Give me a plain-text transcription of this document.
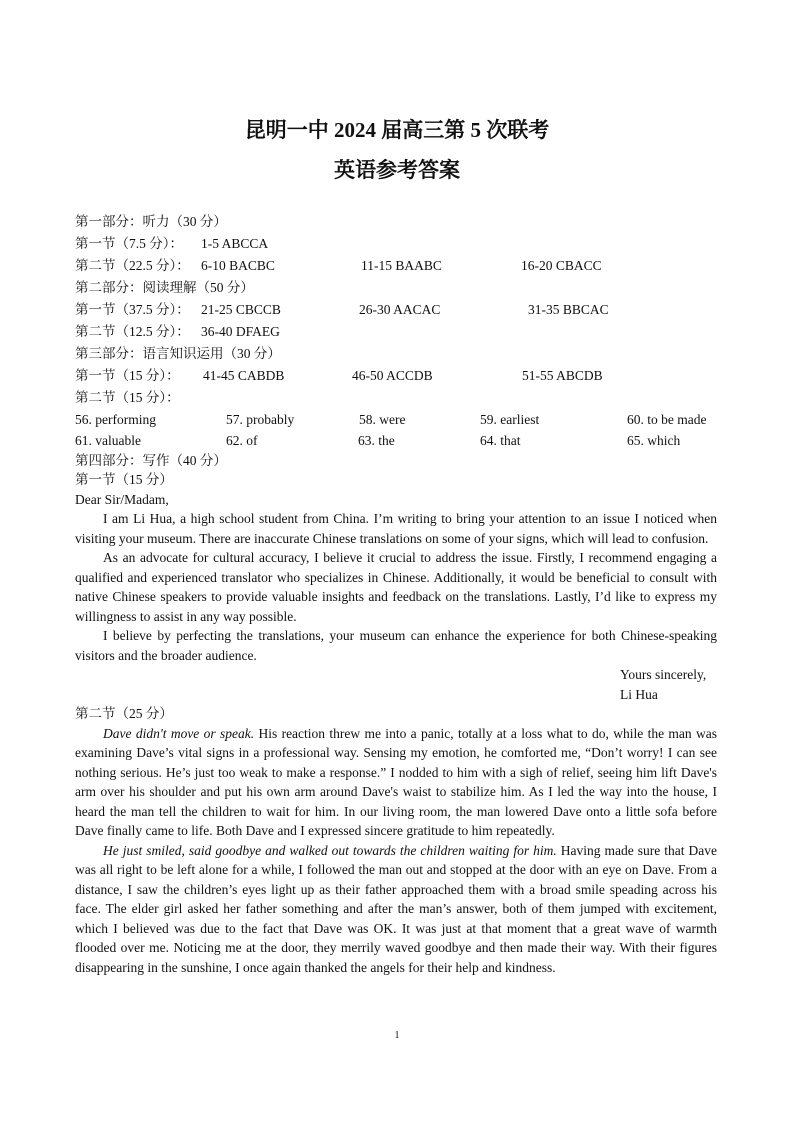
昆明一中 2024 届高三第 5 次联考
英语参考答案
第一部分：听力（30 分）
第一节（7.5 分）： 1-5 ABCCA
第二节（22.5 分）： 6-10 BACBC	11-15 BAABC	16-20 CBACC
第二部分：阅读理解（50 分）
第一节（37.5 分）： 21-25 CBCCB	26-30 AACAC	31-35 BBCAC
第二节（12.5 分）： 36-40 DFAEG
第三部分：语言知识运用（30 分）
第一节（15 分）： 41-45 CABDB	46-50 ACCDB	51-55 ABCDB
第二节（15 分）：
56. performing	57. probably	58. were	59. earliest	60. to be made
61. valuable	62. of	63. the	64. that	65. which
第四部分：写作（40 分）
第一节（15 分）
Dear Sir/Madam,

I am Li Hua, a high school student from China. I’m writing to bring your attention to an issue I noticed when visiting your museum. There are inaccurate Chinese translations on some of your signs, which will lead to confusion.

As an advocate for cultural accuracy, I believe it crucial to address the issue. Firstly, I recommend engaging a qualified and experienced translator who specializes in Chinese. Additionally, it would be beneficial to consult with native Chinese speakers to provide valuable insights and feedback on the translations. Lastly, I’d like to express my willingness to assist in any way possible.

I believe by perfecting the translations, your museum can enhance the experience for both Chinese-speaking visitors and the broader audience.

Yours sincerely,
Li Hua
第二节（25 分）

Dave didn't move or speak. His reaction threw me into a panic, totally at a loss what to do, while the man was examining Dave’s vital signs in a professional way. Sensing my emotion, he comforted me, “Don’t worry! I can see nothing serious. He’s just too weak to make a response.” I nodded to him with a sigh of relief, seeing him lift Dave's arm over his shoulder and put his own arm around Dave's waist to stabilize him. As I led the way into the house, I heard the man tell the children to wait for him. In our living room, the man lowered Dave onto a little sofa before Dave finally came to life. Both Dave and I expressed sincere gratitude to him repeatedly.

He just smiled, said goodbye and walked out towards the children waiting for him. Having made sure that Dave was all right to be left alone for a while, I followed the man out and stopped at the door with an eye on Dave. From a distance, I saw the children’s eyes light up as their father approached them with a broad smile speading across his face. The elder girl asked her father something and after the man’s answer, both of them jumped with excitement, which I believed was due to the fact that Dave was OK. It was just at that moment that a great wave of warmth flooded over me. Noticing me at the door, they merrily waved goodbye and then made their way. With their figures disappearing in the sunshine, I once again thanked the angels for their help and kindness.

1
